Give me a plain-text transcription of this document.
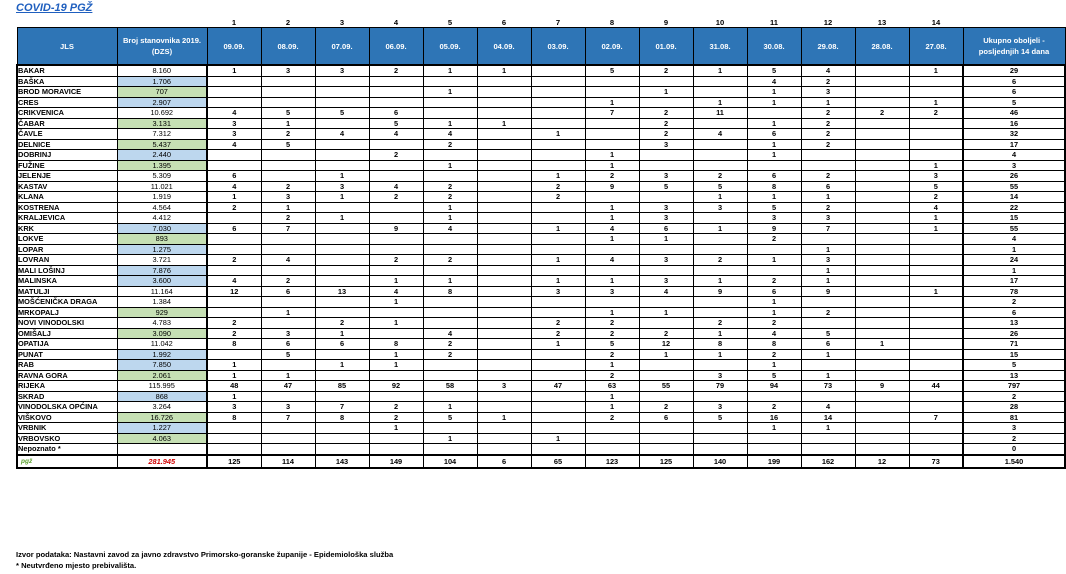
COVID-19 PGŽ
		1	2	3	4	5	6	7	8	9	10	11	12	13	14	
JLS	Broj stanovnika 2019. (DZS)	09.09.	08.09.	07.09.	06.09.	05.09.	04.09.	03.09.	02.09.	01.09.	31.08.	30.08.	29.08.	28.08.	27.08.	Ukupno oboljeli - posljednjih 14 dana
BAKAR	8.160	1	3	3	2	1	1		5	2	1	5	4		1	29
BAŠKA	1.706											4	2			6
BROD MORAVICE	707					1				1		1	3			6
CRES	2.907								1		1	1	1		1	5
CRIKVENICA	10.692	4	5	5	6				7	2	11		2	2	2	46
ČABAR	3.131	3	1		5	1	1			2		1	2			16
ČAVLE	7.312	3	2	4	4	4		1		2	4	6	2			32
DELNICE	5.437	4	5			2				3		1	2			17
DOBRINJ	2.440				2				1			1				4
FUŽINE	1.395					1			1						1	3
JELENJE	5.309	6		1				1	2	3	2	6	2		3	26
KASTAV	11.021	4	2	3	4	2		2	9	5	5	8	6		5	55
KLANA	1.919	1	3	1	2	2		2			1	1	1		2	14
KOSTRENA	4.564	2	1			1			1	3	3	5	2		4	22
KRALJEVICA	4.412		2	1		1			1	3		3	3		1	15
KRK	7.030	6	7		9	4		1	4	6	1	9	7		1	55
LOKVE	893								1	1		2				4
LOPAR	1.275												1			1
LOVRAN	3.721	2	4		2	2		1	4	3	2	1	3			24
MALI LOŠINJ	7.876												1			1
MALINSKA	3.600	4	2		1	1		1	1	3	1	2	1			17
MATULJI	11.164	12	6	13	4	8		3	3	4	9	6	9		1	78
MOŠĆENIČKA DRAGA	1.384				1							1				2
MRKOPALJ	929		1						1	1		1	2			6
NOVI VINODOLSKI	4.783	2		2	1			2	2		2	2				13
OMIŠALJ	3.090	2	3	1		4		2	2	2	1	4	5			26
OPATIJA	11.042	8	6	6	8	2		1	5	12	8	8	6	1		71
PUNAT	1.992		5		1	2			2	1	1	2	1			15
RAB	7.850	1		1	1				1			1				5
RAVNA GORA	2.061	1	1						2		3	5	1			13
RIJEKA	115.995	48	47	85	92	58	3	47	63	55	79	94	73	9	44	797
SKRAD	868	1							1							2
VINODOLSKA OPĆINA	3.264	3	3	7	2	1			1	2	3	2	4			28
VIŠKOVO	16.726	8	7	8	2	5	1		2	6	5	16	14		7	81
VRBNIK	1.227				1							1	1			3
VRBOVSKO	4.063					1		1								2
Nepoznato *																0
pgž	281.945	125	114	143	149	104	6	65	123	125	140	199	162	12	73	1.540
Izvor podataka: Nastavni zavod za javno zdravstvo Primorsko-goranske županije - Epidemiološka služba
* Neutvrđeno mjesto prebivališta.
